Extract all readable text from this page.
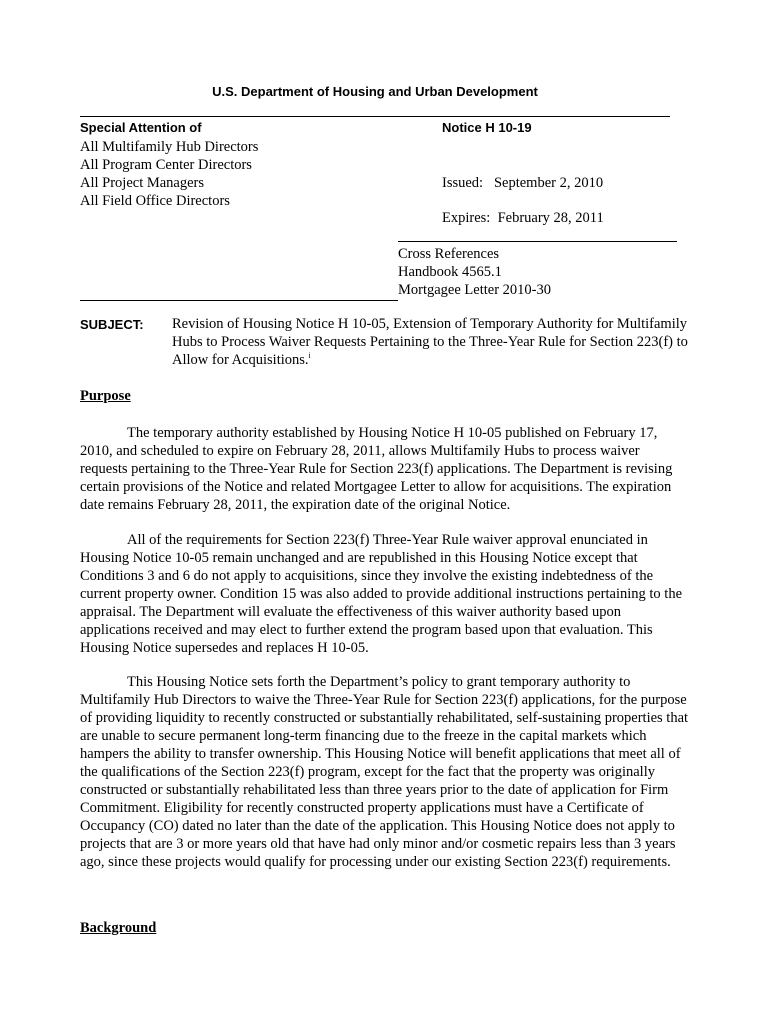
U.S. Department of Housing and Urban Development
Special Attention of
All Multifamily Hub Directors
All Program Center Directors
All Project Managers
All Field Office Directors
Notice H 10-19
Issued:   September 2, 2010
Expires:  February 28, 2011
Cross References
Handbook 4565.1
Mortgagee Letter 2010-30
SUBJECT: Revision of Housing Notice H 10-05, Extension of Temporary Authority for Multifamily Hubs to Process Waiver Requests Pertaining to the Three-Year Rule for Section 223(f) to Allow for Acquisitions.$^i$
Purpose

The temporary authority established by Housing Notice H 10-05 published on February 17, 2010, and scheduled to expire on February 28, 2011, allows Multifamily Hubs to process waiver requests pertaining to the Three-Year Rule for Section 223(f) applications. The Department is revising certain provisions of the Notice and related Mortgagee Letter to allow for acquisitions. The expiration date remains February 28, 2011, the expiration date of the original Notice.

All of the requirements for Section 223(f) Three-Year Rule waiver approval enunciated in Housing Notice 10-05 remain unchanged and are republished in this Housing Notice except that Conditions 3 and 6 do not apply to acquisitions, since they involve the existing indebtedness of the current property owner. Condition 15 was also added to provide additional instructions pertaining to the appraisal. The Department will evaluate the effectiveness of this waiver authority based upon applications received and may elect to further extend the program based upon that evaluation. This Housing Notice supersedes and replaces H 10-05.

This Housing Notice sets forth the Department’s policy to grant temporary authority to Multifamily Hub Directors to waive the Three-Year Rule for Section 223(f) applications, for the purpose of providing liquidity to recently constructed or substantially rehabilitated, self-sustaining properties that are unable to secure permanent long-term financing due to the freeze in the capital markets which hampers the ability to transfer ownership. This Housing Notice will benefit applications that meet all of the qualifications of the Section 223(f) program, except for the fact that the property was originally constructed or substantially rehabilitated less than three years prior to the date of application for Firm Commitment. Eligibility for recently constructed property applications must have a Certificate of Occupancy (CO) dated no later than the date of the application. This Housing Notice does not apply to projects that are 3 or more years old that have had only minor and/or cosmetic repairs less than 3 years ago, since these projects would qualify for processing under our existing Section 223(f) requirements.

Background
